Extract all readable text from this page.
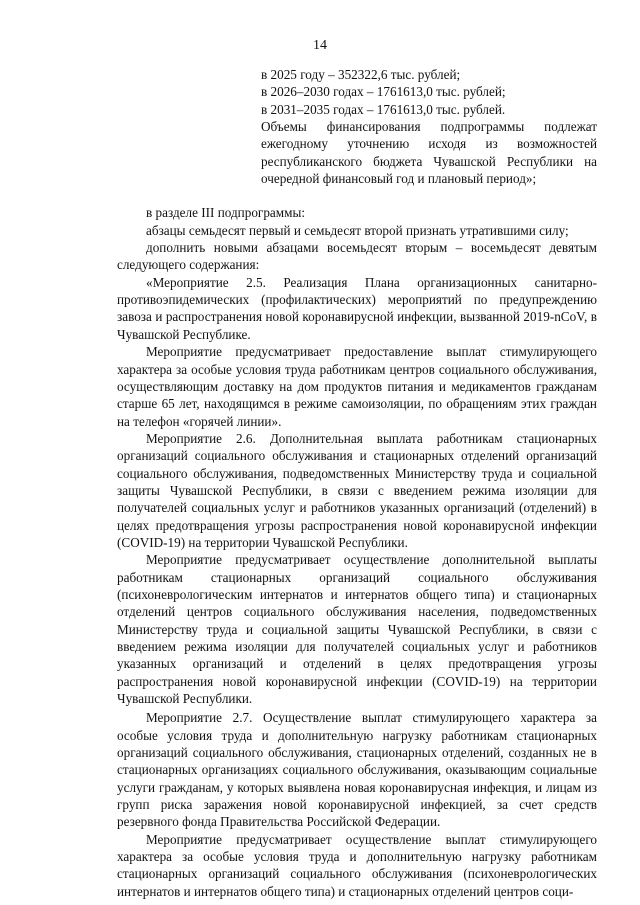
14
в 2025 году – 352322,6 тыс. рублей;
в 2026–2030 годах – 1761613,0 тыс. рублей;
в 2031–2035 годах – 1761613,0 тыс. рублей.
Объемы финансирования подпрограммы подлежат ежегодному уточнению исходя из возможностей республиканского бюджета Чувашской Республики на очередной финансовый год и плановый период»;

в разделе III подпрограммы:

абзацы семьдесят первый и семьдесят второй признать утратившими силу;

дополнить новыми абзацами восемьдесят вторым – восемьдесят девятым следующего содержания:

«Мероприятие 2.5. Реализация Плана организационных санитарно-противоэпидемических (профилактических) мероприятий по предупреждению завоза и распространения новой коронавирусной инфекции, вызванной 2019-nCoV, в Чувашской Республике.

Мероприятие предусматривает предоставление выплат стимулирующего характера за особые условия труда работникам центров социального обслуживания, осуществляющим доставку на дом продуктов питания и медикаментов гражданам старше 65 лет, находящимся в режиме самоизоляции, по обращениям этих граждан на телефон «горячей линии».

Мероприятие 2.6. Дополнительная выплата работникам стационарных организаций социального обслуживания и стационарных отделений организаций социального обслуживания, подведомственных Министерству труда и социальной защиты Чувашской Республики, в связи с введением режима изоляции для получателей социальных услуг и работников указанных организаций (отделений) в целях предотвращения угрозы распространения новой коронавирусной инфекции (COVID-19) на территории Чувашской Республики.

Мероприятие предусматривает осуществление дополнительной выплаты работникам стационарных организаций социального обслуживания (психоневрологическим интернатов и интернатов общего типа) и стационарных отделений центров социального обслуживания населения, подведомственных Министерству труда и социальной защиты Чувашской Республики, в связи с введением режима изоляции для получателей социальных услуг и работников указанных организаций и отделений в целях предотвращения угрозы распространения новой коронавирусной инфекции (COVID-19) на территории Чувашской Республики.

Мероприятие 2.7. Осуществление выплат стимулирующего характера за особые условия труда и дополнительную нагрузку работникам стационарных организаций социального обслуживания, стационарных отделений, созданных не в стационарных организациях социального обслуживания, оказывающим социальные услуги гражданам, у которых выявлена новая коронавирусная инфекция, и лицам из групп риска заражения новой коронавирусной инфекцией, за счет средств резервного фонда Правительства Российской Федерации.

Мероприятие предусматривает осуществление выплат стимулирующего характера за особые условия труда и дополнительную нагрузку работникам стационарных организаций социального обслуживания (психоневрологических интернатов и интернатов общего типа) и стационарных отделений центров соци-
